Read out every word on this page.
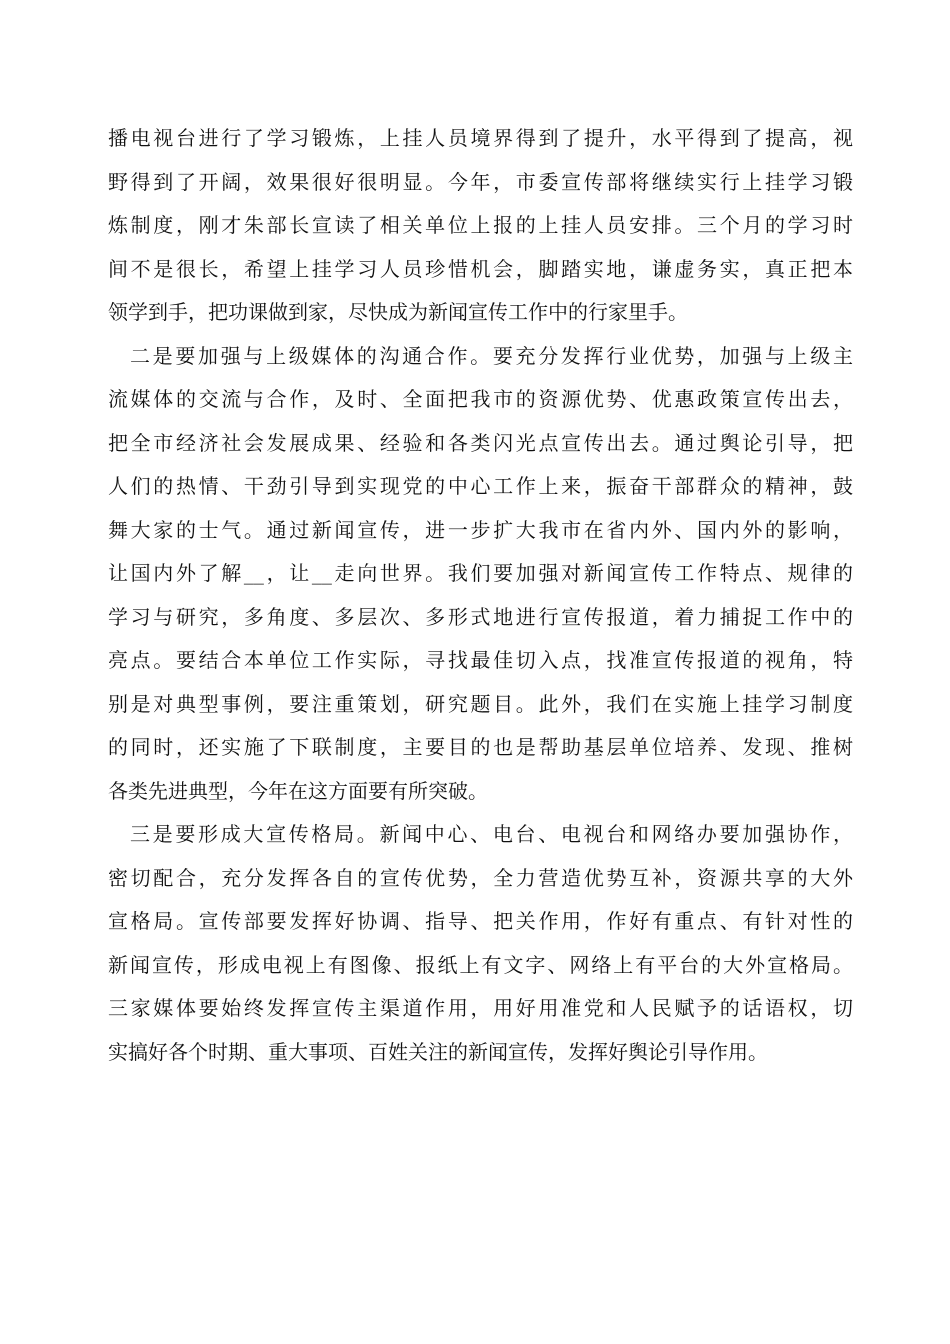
播电视台进行了学习锻炼，上挂人员境界得到了提升，水平得到了提高，视
野得到了开阔，效果很好很明显。今年，市委宣传部将继续实行上挂学习锻
炼制度，刚才朱部长宣读了相关单位上报的上挂人员安排。三个月的学习时
间不是很长，希望上挂学习人员珍惜机会，脚踏实地，谦虚务实，真正把本
领学到手，把功课做到家，尽快成为新闻宣传工作中的行家里手。
二是要加强与上级媒体的沟通合作。要充分发挥行业优势，加强与上级主
流媒体的交流与合作，及时、全面把我市的资源优势、优惠政策宣传出去，
把全市经济社会发展成果、经验和各类闪光点宣传出去。通过舆论引导，把
人们的热情、干劲引导到实现党的中心工作上来，振奋干部群众的精神，鼓
舞大家的士气。通过新闻宣传，进一步扩大我市在省内外、国内外的影响，
让国内外了解__，让__走向世界。我们要加强对新闻宣传工作特点、规律的
学习与研究，多角度、多层次、多形式地进行宣传报道，着力捕捉工作中的
亮点。要结合本单位工作实际，寻找最佳切入点，找准宣传报道的视角，特
别是对典型事例，要注重策划，研究题目。此外，我们在实施上挂学习制度
的同时，还实施了下联制度，主要目的也是帮助基层单位培养、发现、推树
各类先进典型，今年在这方面要有所突破。
三是要形成大宣传格局。新闻中心、电台、电视台和网络办要加强协作，
密切配合，充分发挥各自的宣传优势，全力营造优势互补，资源共享的大外
宣格局。宣传部要发挥好协调、指导、把关作用，作好有重点、有针对性的
新闻宣传，形成电视上有图像、报纸上有文字、网络上有平台的大外宣格局。
三家媒体要始终发挥宣传主渠道作用，用好用准党和人民赋予的话语权，切
实搞好各个时期、重大事项、百姓关注的新闻宣传，发挥好舆论引导作用。
